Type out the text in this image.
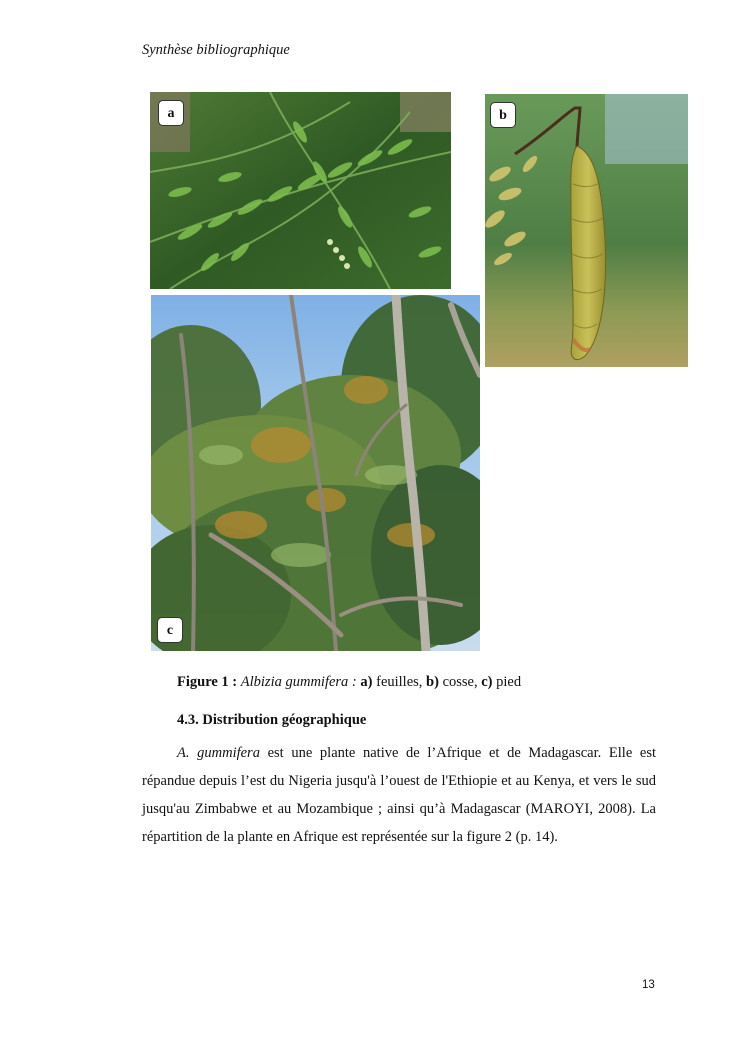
Synthèse bibliographique
a	b
c
Figure 1 : Albizia gummifera : a) feuilles, b) cosse, c) pied
4.3. Distribution géographique

A. gummifera est une plante native de l’Afrique et de Madagascar. Elle est répandue depuis l’est du Nigeria jusqu'à l’ouest de l'Ethiopie et au Kenya, et vers le sud jusqu'au Zimbabwe et au Mozambique ; ainsi qu’à Madagascar (MAROYI, 2008). La répartition de la plante en Afrique est représentée sur la figure 2 (p. 14).

13
